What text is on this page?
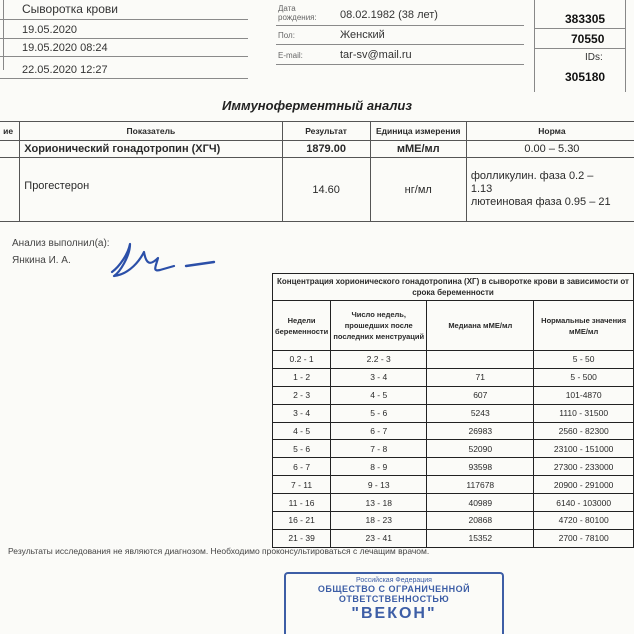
Сыворотка крови
19.05.2020
19.05.2020 08:24
22.05.2020 12:27
Дата рождения: 08.02.1982 (38 лет)
Пол:	Женский
E-mail:	tar-sv@mail.ru
383305
70550
IDs:
305180
Иммуноферментный анализ
ие	Показатель	Результат	Единица измерения	Норма
	Хорионический гонадотропин (ХГЧ)	1879.00	мМЕ/мл	0.00 – 5.30
	Прогестерон	14.60	нг/мл	фолликулин. фаза 0.2 –
1.13
лютеиновая фаза 0.95 – 21
Анализ выполнил(а):
Янкина И. А.
Концентрация хорионического гонадотропина (ХГ) в сыворотке крови в зависимости от срока беременности			
Недели беременности	Число недель, прошедших после последних менструаций	Медиана мМЕ/мл	Нормальные значения мМЕ/мл
0.2 - 1	2.2 - 3		5 - 50
1 - 2	3 - 4	71	5 - 500
2 - 3	4 - 5	607	101-4870
3 - 4	5 - 6	5243	1110 - 31500
4 - 5	6 - 7	26983	2560 - 82300
5 - 6	7 - 8	52090	23100 - 151000
6 - 7	8 - 9	93598	27300 - 233000
7 - 11	9 - 13	117678	20900 - 291000
11 - 16	13 - 18	40989	6140 - 103000
16 - 21	18 - 23	20868	4720 - 80100
21 - 39	23 - 41	15352	2700 - 78100
Результаты исследования не являются диагнозом. Необходимо проконсультироваться с лечащим врачом.
Российская Федерация
ОБЩЕСТВО С ОГРАНИЧЕННОЙ
ОТВЕТСТВЕННОСТЬЮ
"ВЕКОН"
